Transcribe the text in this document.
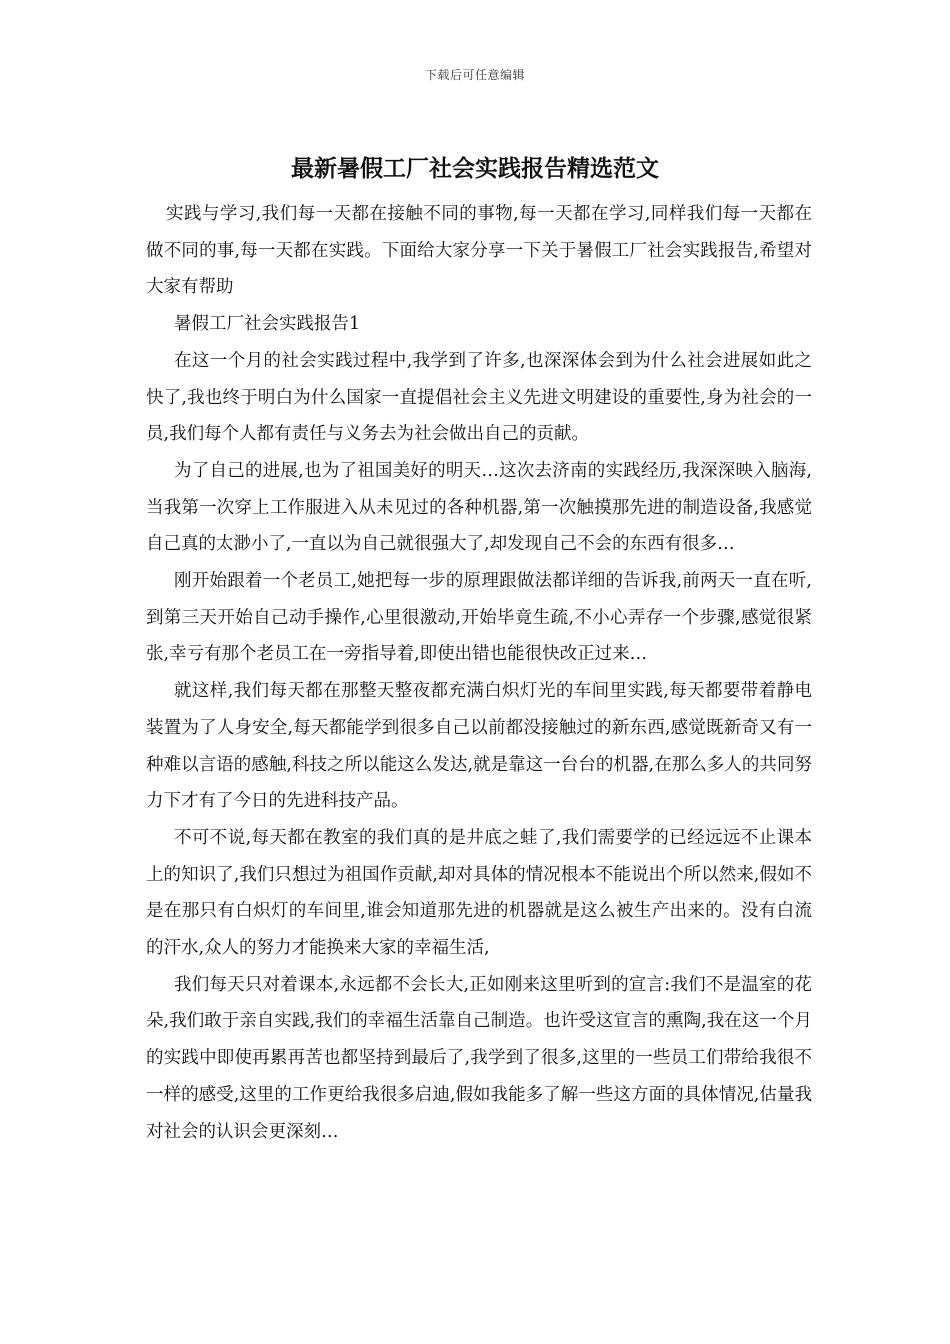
下载后可任意编辑
最新暑假工厂社会实践报告精选范文

实践与学习,我们每一天都在接触不同的事物,每一天都在学习,同样我们每一天都在做不同的事,每一天都在实践。下面给大家分享一下关于暑假工厂社会实践报告,希望对大家有帮助

暑假工厂社会实践报告1

在这一个月的社会实践过程中,我学到了许多,也深深体会到为什么社会进展如此之快了,我也终于明白为什么国家一直提倡社会主义先进文明建设的重要性,身为社会的一员,我们每个人都有责任与义务去为社会做出自己的贡献。

为了自己的进展,也为了祖国美好的明天…这次去济南的实践经历,我深深映入脑海,当我第一次穿上工作服进入从未见过的各种机器,第一次触摸那先进的制造设备,我感觉自己真的太渺小了,一直以为自己就很强大了,却发现自己不会的东西有很多…

刚开始跟着一个老员工,她把每一步的原理跟做法都详细的告诉我,前两天一直在听,到第三天开始自己动手操作,心里很激动,开始毕竟生疏,不小心弄存一个步骤,感觉很紧张,幸亏有那个老员工在一旁指导着,即使出错也能很快改正过来…

就这样,我们每天都在那整天整夜都充满白炽灯光的车间里实践,每天都要带着静电装置为了人身安全,每天都能学到很多自己以前都没接触过的新东西,感觉既新奇又有一种难以言语的感触,科技之所以能这么发达,就是靠这一台台的机器,在那么多人的共同努力下才有了今日的先进科技产品。

不可不说,每天都在教室的我们真的是井底之蛙了,我们需要学的已经远远不止课本上的知识了,我们只想过为祖国作贡献,却对具体的情况根本不能说出个所以然来,假如不是在那只有白炽灯的车间里,谁会知道那先进的机器就是这么被生产出来的。没有白流的汗水,众人的努力才能换来大家的幸福生活,

我们每天只对着课本,永远都不会长大,正如刚来这里听到的宣言:我们不是温室的花朵,我们敢于亲自实践,我们的幸福生活靠自己制造。也许受这宣言的熏陶,我在这一个月的实践中即使再累再苦也都坚持到最后了,我学到了很多,这里的一些员工们带给我很不一样的感受,这里的工作更给我很多启迪,假如我能多了解一些这方面的具体情况,估量我对社会的认识会更深刻…
